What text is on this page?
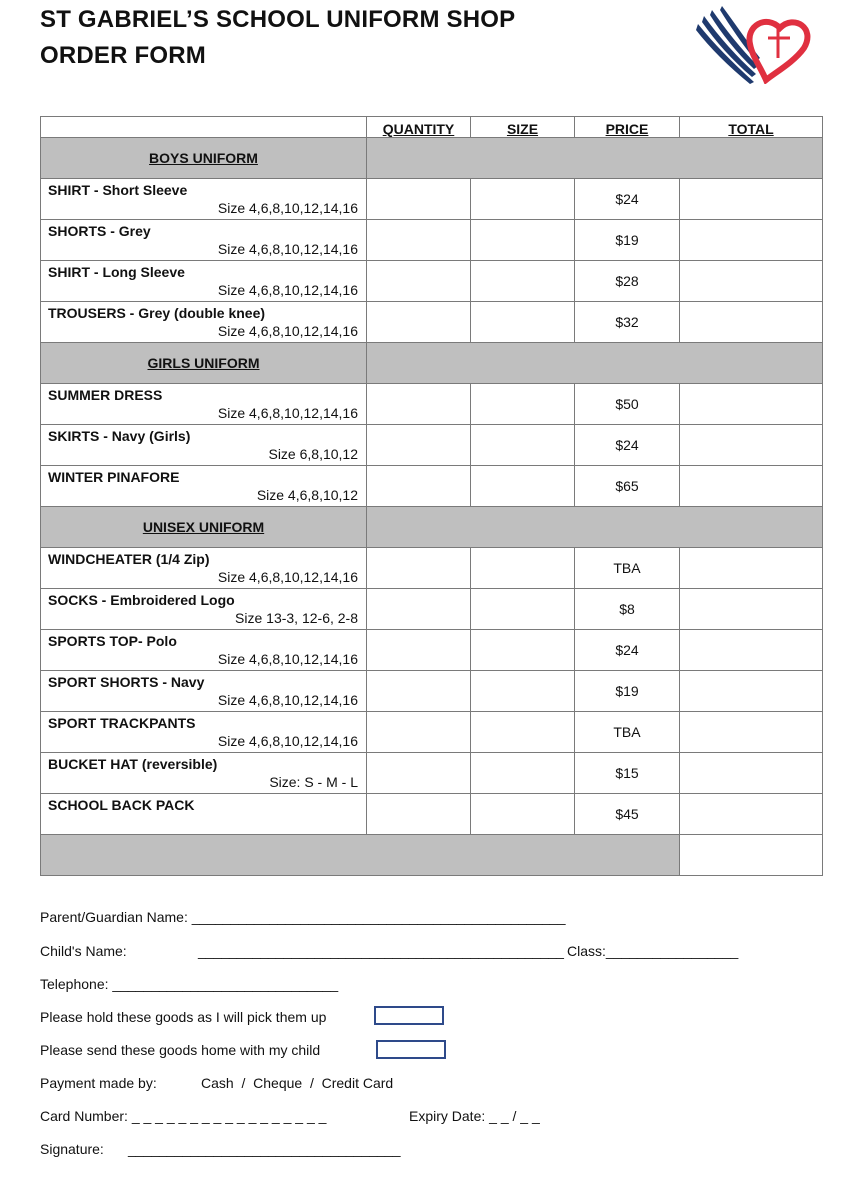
ST GABRIEL’S SCHOOL UNIFORM SHOP
ORDER FORM
	QUANTITY	SIZE	PRICE	TOTAL
BOYS UNIFORM				

SHIRT - Short Sleeve
Size 4,6,8,10,12,14,16			$24	

SHORTS - Grey
Size 4,6,8,10,12,14,16			$19	

SHIRT - Long Sleeve
Size 4,6,8,10,12,14,16			$28	

TROUSERS - Grey (double knee)
Size 4,6,8,10,12,14,16			$32	
GIRLS UNIFORM				

SUMMER DRESS
Size 4,6,8,10,12,14,16			$50	

SKIRTS - Navy (Girls)
Size 6,8,10,12			$24	

WINTER PINAFORE
Size 4,6,8,10,12			$65	
UNISEX UNIFORM				

WINDCHEATER (1/4 Zip)
Size 4,6,8,10,12,14,16			TBA	

SOCKS - Embroidered Logo
Size 13-3, 12-6, 2-8			$8	

SPORTS TOP- Polo
Size 4,6,8,10,12,14,16			$24	

SPORT SHORTS - Navy
Size 4,6,8,10,12,14,16			$19	

SPORT TRACKPANTS
Size 4,6,8,10,12,14,16			TBA	

BUCKET HAT (reversible)
Size: S - M - L			$15	

SCHOOL BACK PACK			$45	

Parent/Guardian Name: ________________________________________________
Child's Name:	_______________________________________________ Class:_________________
Telephone: _____________________________
Please hold these goods as I will pick them up
Please send these goods home with my child
Payment made by:	Cash  /  Cheque  /  Credit Card
Card Number: _ _ _ _ _ _ _ _ _ _ _ _ _ _ _ _ _	Expiry Date: _ _ / _ _
Signature: ___________________________________
